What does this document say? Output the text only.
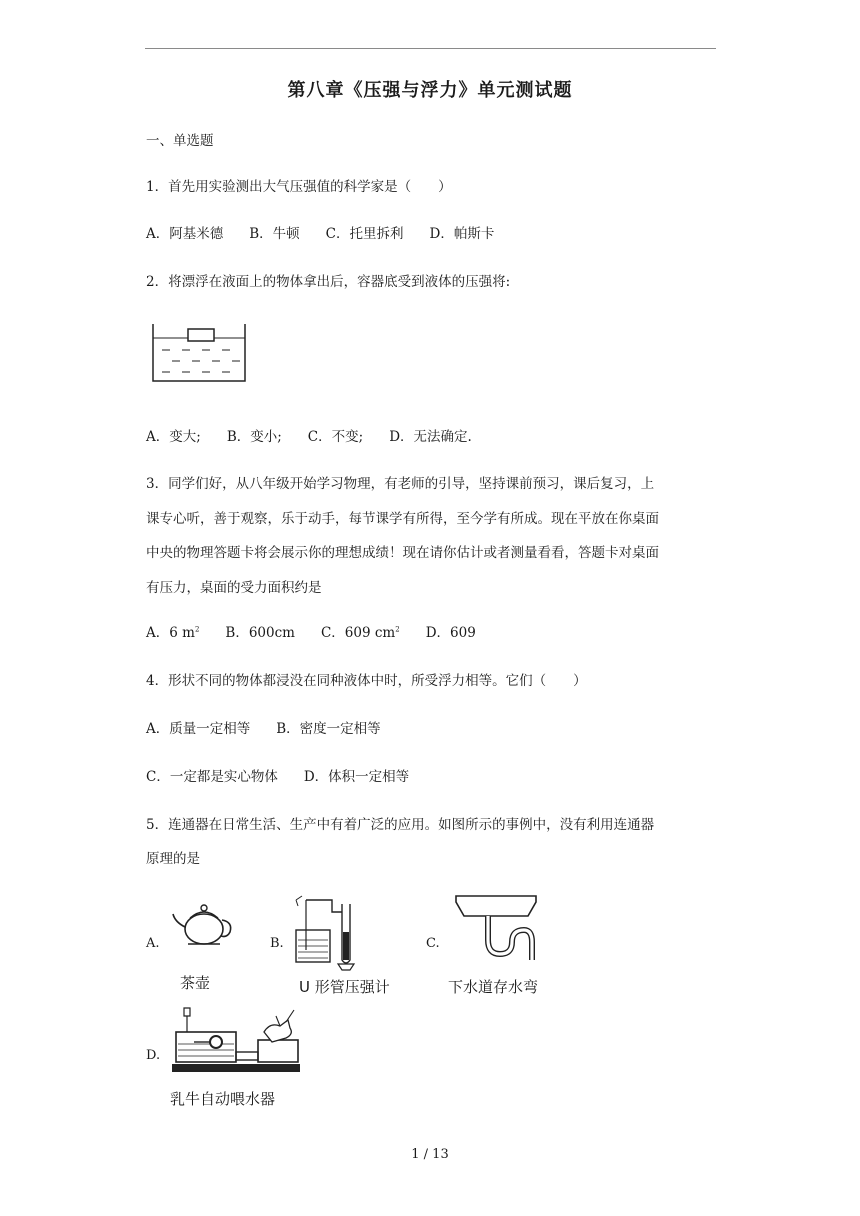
第八章《压强与浮力》单元测试题
一、单选题
1．首先用实验测出大气压强值的科学家是（　　）
A．阿基米德 B．牛顿 C．托里拆利 D．帕斯卡
2．将漂浮在液面上的物体拿出后，容器底受到液体的压强将:
A．变大; B．变小; C．不变; D．无法确定.
3．同学们好，从八年级开始学习物理，有老师的引导，坚持课前预习，课后复习，上
课专心听，善于观察，乐于动手，每节课学有所得，至今学有所成。现在平放在你桌面
中央的物理答题卡将会展示你的理想成绩！现在请你估计或者测量看看，答题卡对桌面
有压力，桌面的受力面积约是
A．6 $m^2$ B．600cm C．609 $cm^2$ D．609
4．形状不同的物体都浸没在同种液体中时，所受浮力相等。它们（　　）
A．质量一定相等 B．密度一定相等
C．一定都是实心物体 D．体积一定相等
5．连通器在日常生活、生产中有着广泛的应用。如图所示的事例中，没有利用连通器
原理的是
A.
茶壶
B.
U 形管压强计
C.
下水道存水弯
D.
乳牛自动喂水器
1 / 13
